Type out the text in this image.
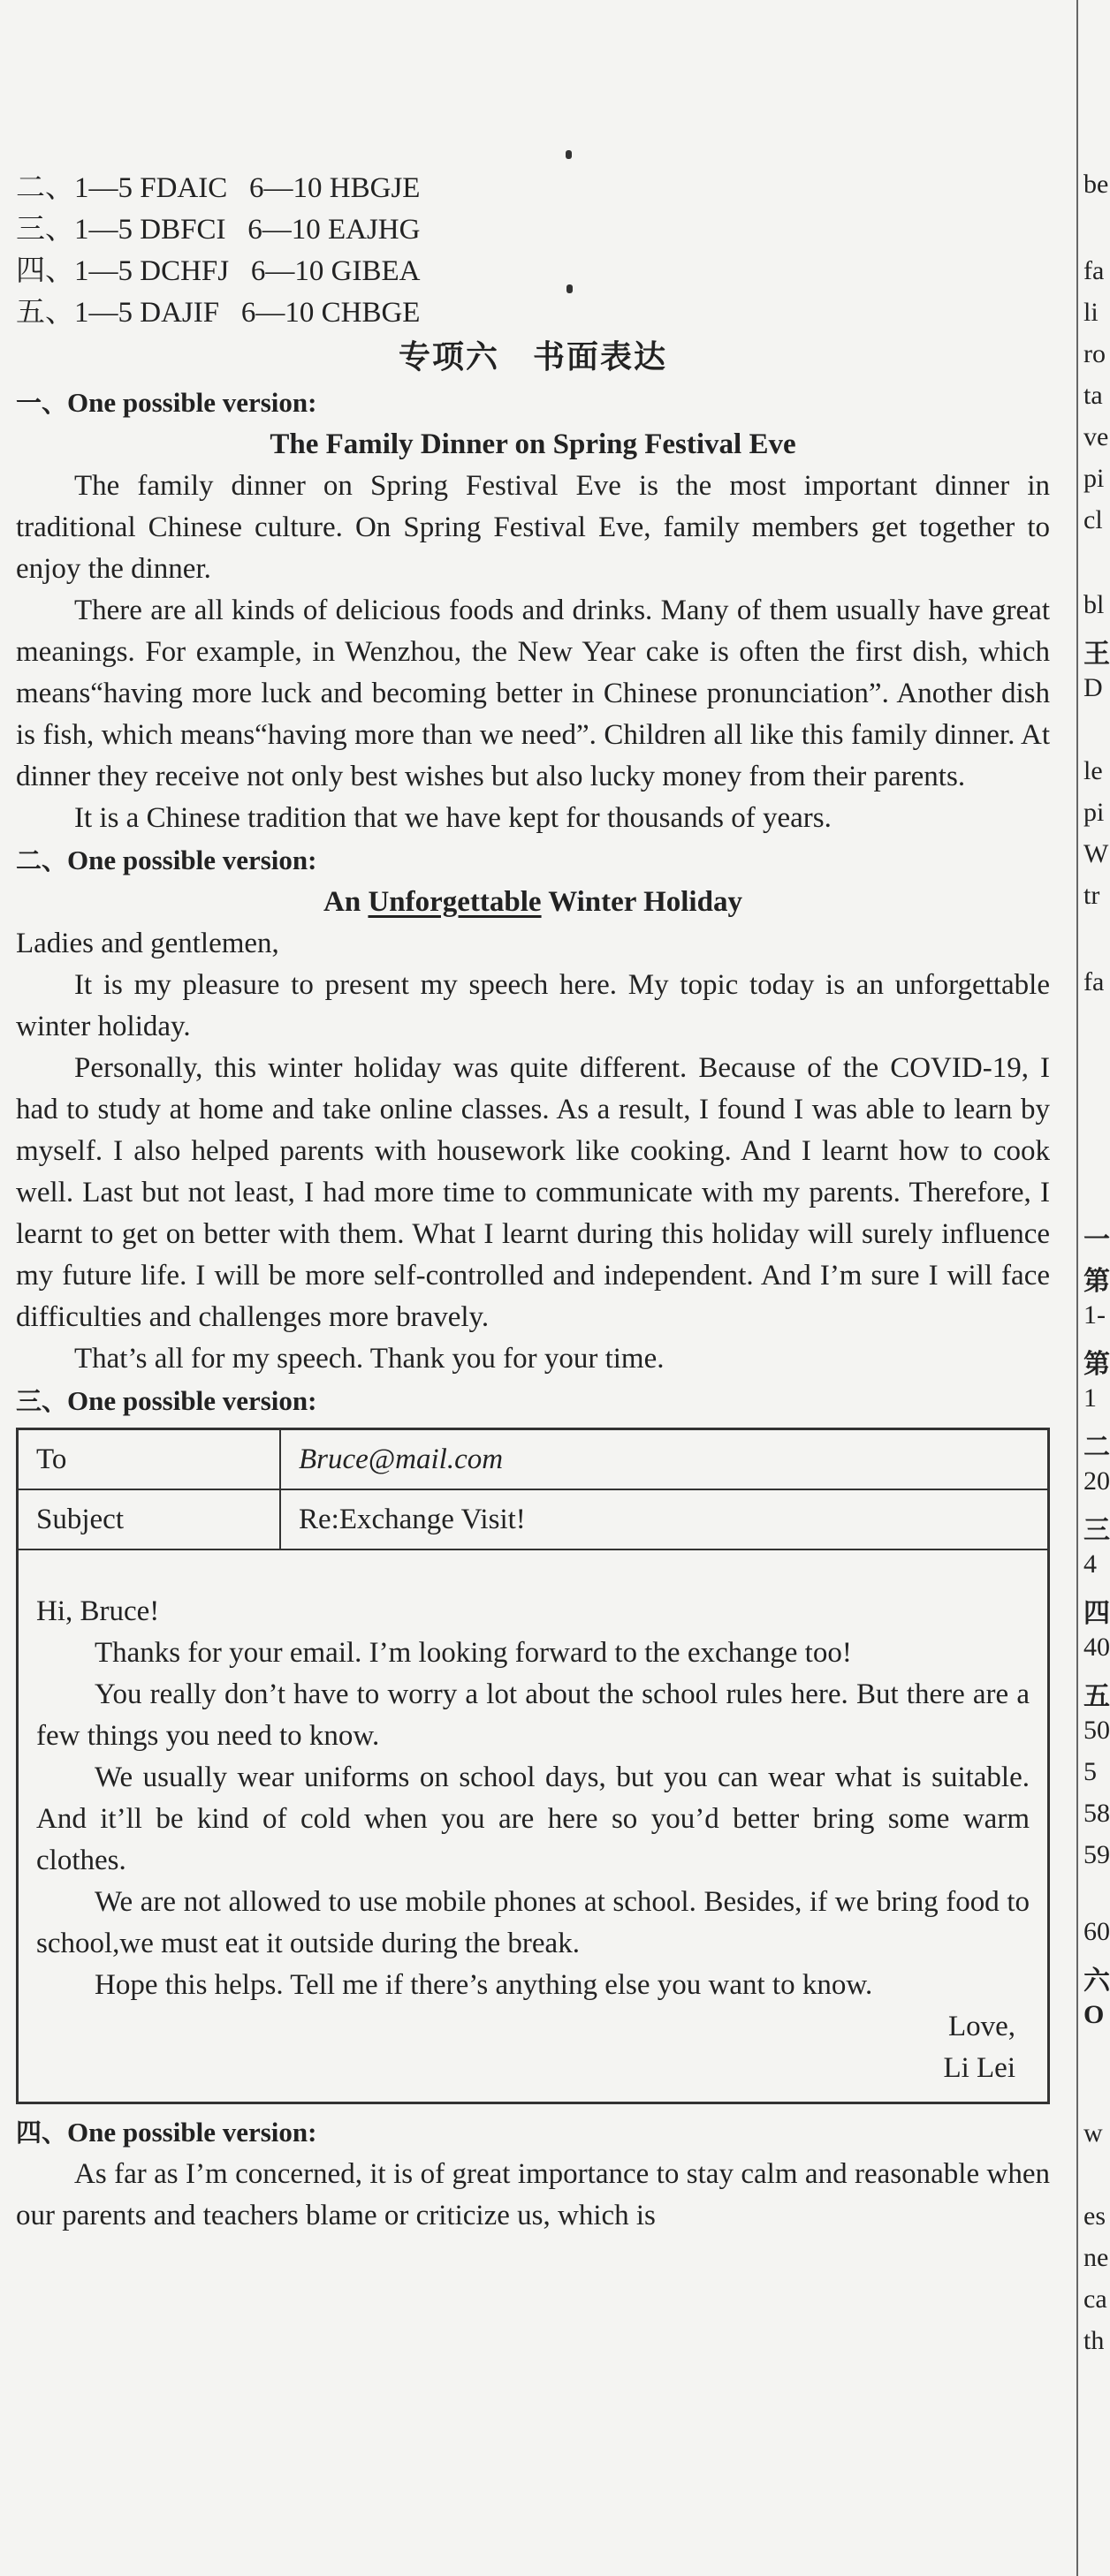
二、1—5 FDAIC 6—10 HBGJE
三、1—5 DBFCI 6—10 EAJHG
四、1—5 DCHFJ 6—10 GIBEA
五、1—5 DAJIF 6—10 CHBGE
专项六　书面表达
一、One possible version:
The Family Dinner on Spring Festival Eve
The family dinner on Spring Festival Eve is the most important dinner in traditional Chinese culture. On Spring Festival Eve, family members get together to enjoy the dinner.
There are all kinds of delicious foods and drinks. Many of them usually have great meanings. For example, in Wenzhou, the New Year cake is often the first dish, which means“having more luck and becoming better in Chinese pronunciation”. Another dish is fish, which means“having more than we need”. Children all like this family dinner. At dinner they receive not only best wishes but also lucky money from their parents.
It is a Chinese tradition that we have kept for thousands of years.
二、One possible version:
An Unforgettable Winter Holiday
Ladies and gentlemen,
It is my pleasure to present my speech here. My topic today is an unforgettable winter holiday.
Personally, this winter holiday was quite different. Because of the COVID-19, I had to study at home and take online classes. As a result, I found I was able to learn by myself. I also helped parents with housework like cooking. And I learnt how to cook well. Last but not least, I had more time to communicate with my parents. Therefore, I learnt to get on better with them. What I learnt during this holiday will surely influence my future life. I will be more self-controlled and independent. And I’m sure I will face difficulties and challenges more bravely.
That’s all for my speech. Thank you for your time.
三、One possible version:
To	Bruce@mail.com
Subject	Re:Exchange Visit!
Hi, Bruce!
Thanks for your email. I’m looking forward to the exchange too!
You really don’t have to worry a lot about the school rules here. But there are a few things you need to know.
We usually wear uniforms on school days, but you can wear what is suitable. And it’ll be kind of cold when you are here so you’d better bring some warm clothes.
We are not allowed to use mobile phones at school. Besides, if we bring food to school,we must eat it outside during the break.
Hope this helps. Tell me if there’s anything else you want to know.
Love,
Li Lei
四、One possible version:
As far as I’m concerned, it is of great importance to stay calm and reasonable when our parents and teachers blame or criticize us, which is
be
fa
li
ro
ta
ve
pi
cl
bl
王
D
le
pi
W
tr
fa
一
第
1-
第
1
二
20
三
4
四
40
五
50
5
58
59
60
六
O
w
es
ne
ca
th
